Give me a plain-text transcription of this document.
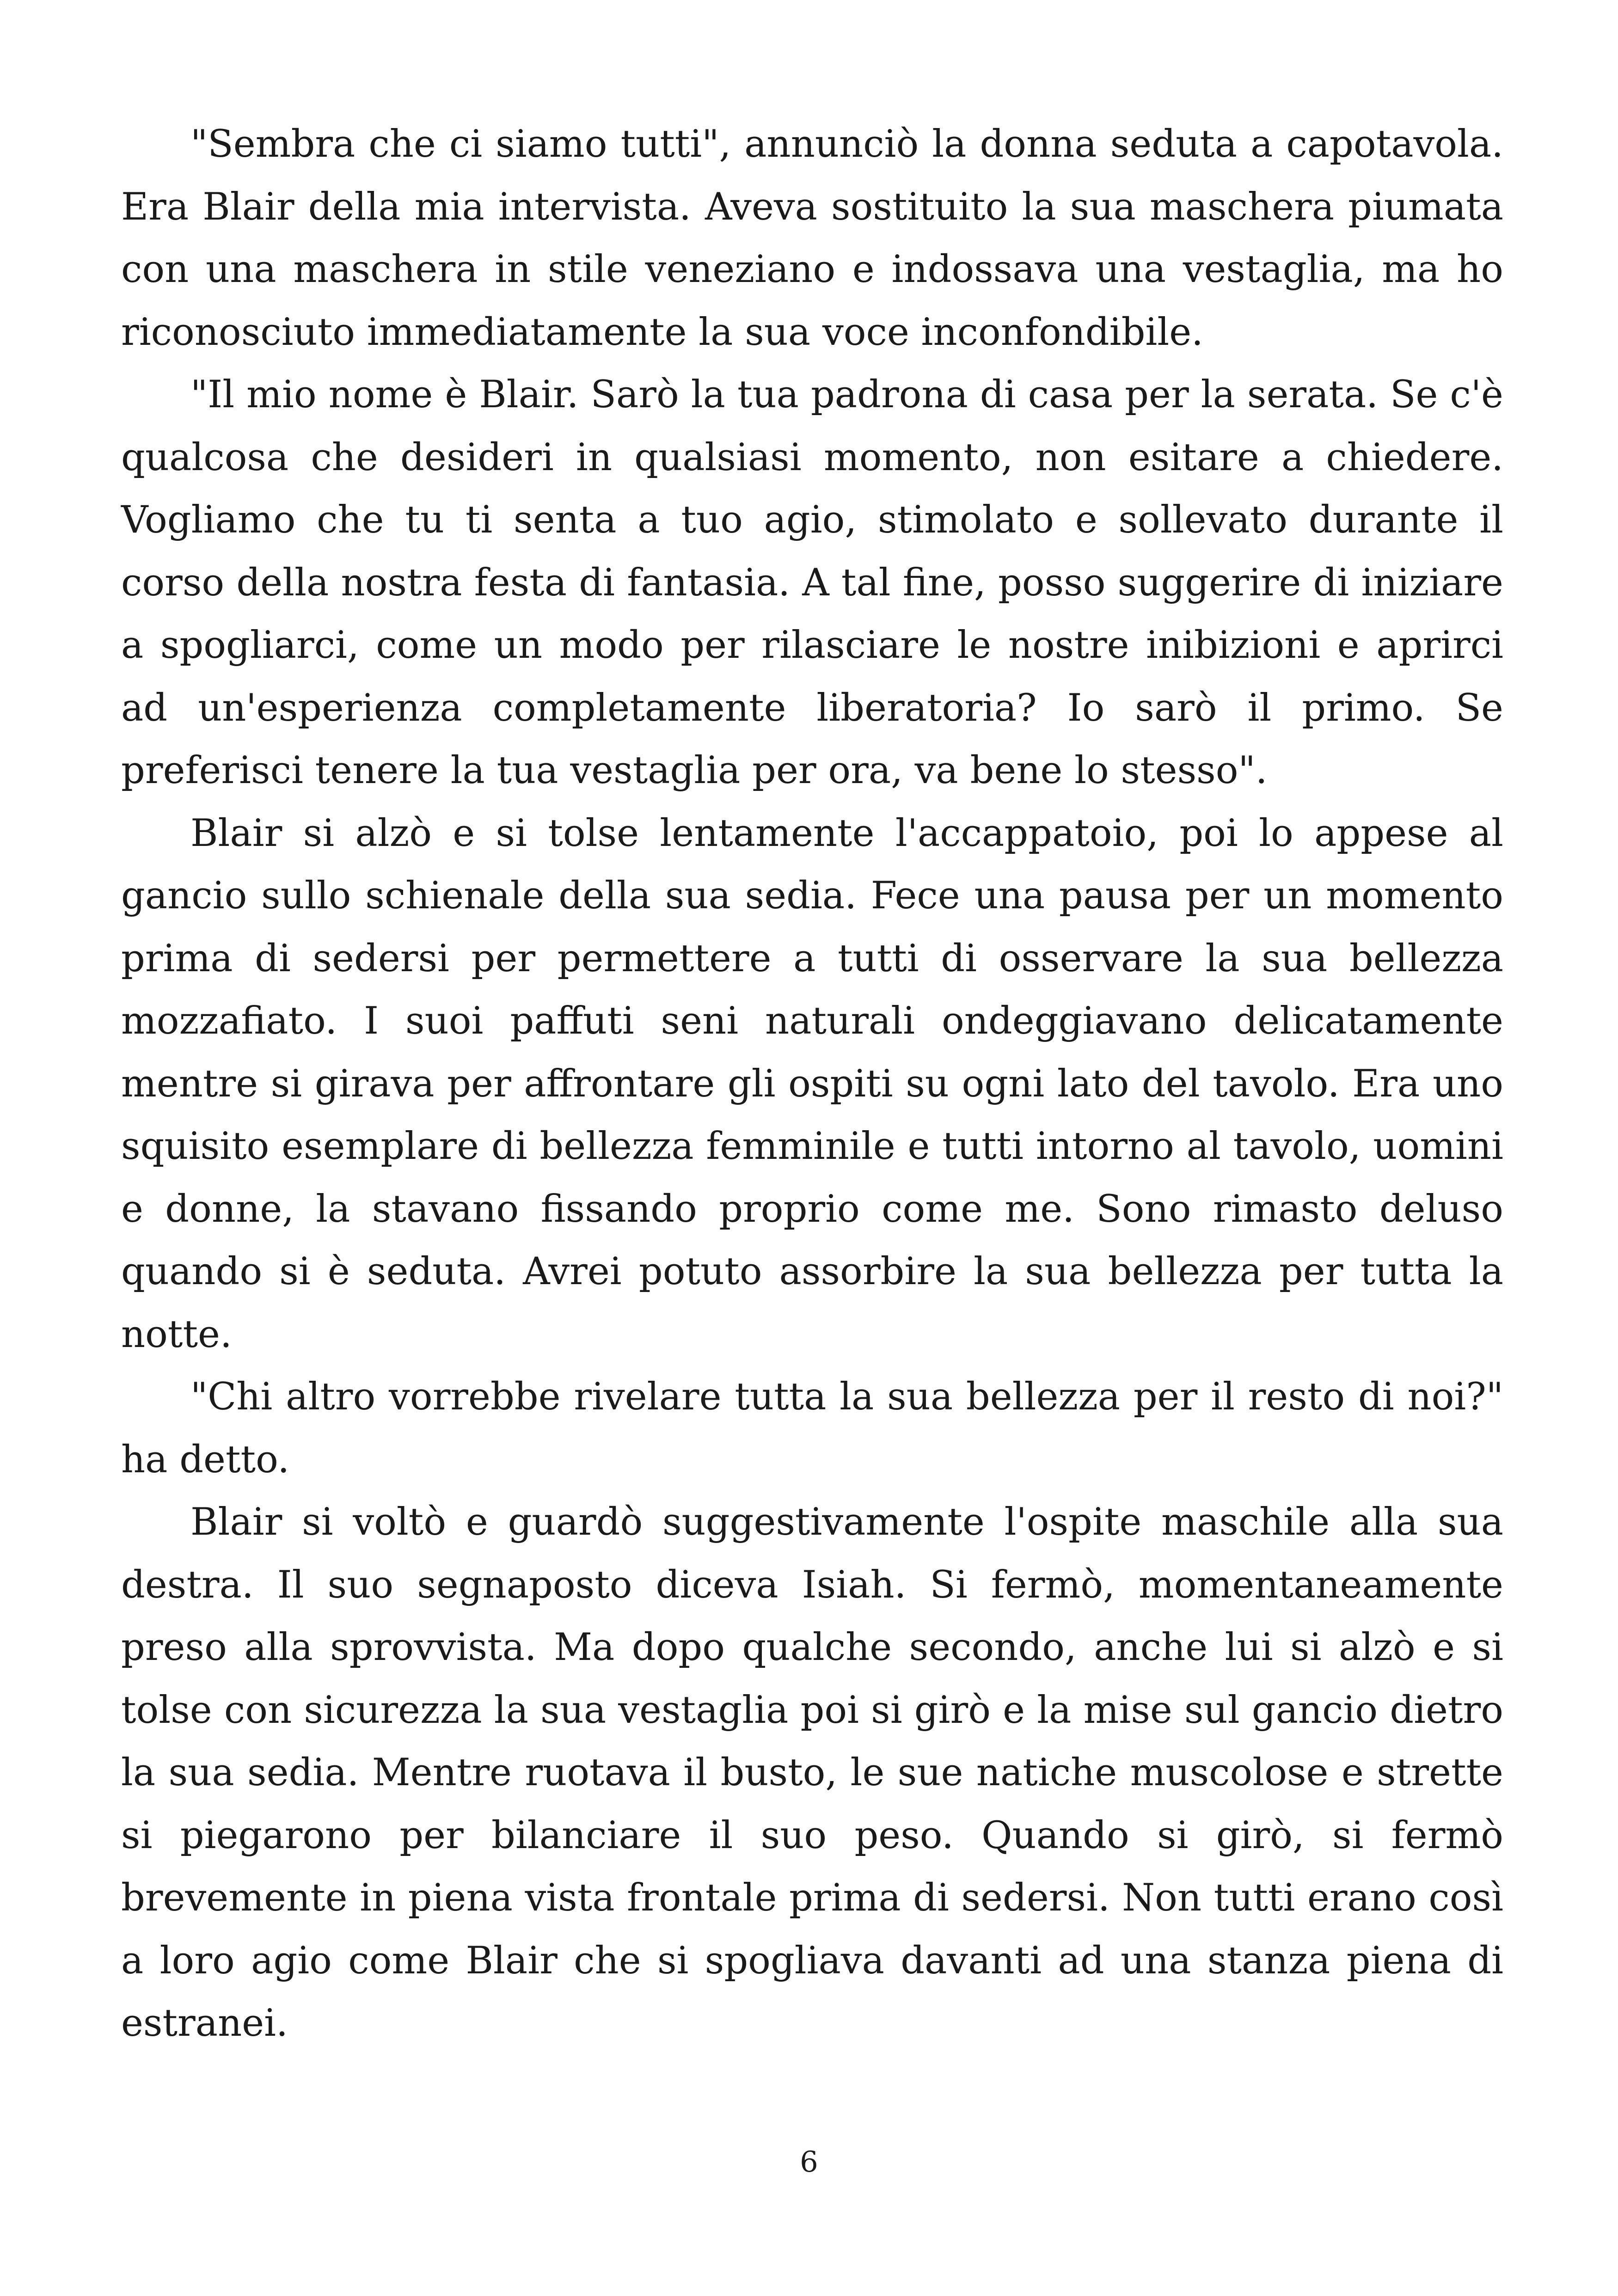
"Sembra che ci siamo tutti", annunciò la donna seduta a capotavola. Era Blair della mia intervista. Aveva sostituito la sua maschera piumata con una maschera in stile veneziano e indossava una vestaglia, ma ho riconosciuto immediatamente la sua voce inconfondibile.

"Il mio nome è Blair. Sarò la tua padrona di casa per la serata. Se c'è qualcosa che desideri in qualsiasi momento, non esitare a chiedere. Vogliamo che tu ti senta a tuo agio, stimolato e sollevato durante il corso della nostra festa di fantasia. A tal fine, posso suggerire di iniziare a spogliarci, come un modo per rilasciare le nostre inibizioni e aprirci ad un'esperienza completamente liberatoria? Io sarò il primo. Se preferisci tenere la tua vestaglia per ora, va bene lo stesso".

Blair si alzò e si tolse lentamente l'accappatoio, poi lo appese al gancio sullo schienale della sua sedia. Fece una pausa per un momento prima di sedersi per permettere a tutti di osservare la sua bellezza mozzafiato. I suoi paffuti seni naturali ondeggiavano delicatamente mentre si girava per affrontare gli ospiti su ogni lato del tavolo. Era uno squisito esemplare di bellezza femminile e tutti intorno al tavolo, uomini e donne, la stavano fissando proprio come me. Sono rimasto deluso quando si è seduta. Avrei potuto assorbire la sua bellezza per tutta la notte.

"Chi altro vorrebbe rivelare tutta la sua bellezza per il resto di noi?" ha detto.

Blair si voltò e guardò suggestivamente l'ospite maschile alla sua destra. Il suo segnaposto diceva Isiah. Si fermò, momentaneamente preso alla sprovvista. Ma dopo qualche secondo, anche lui si alzò e si tolse con sicurezza la sua vestaglia poi si girò e la mise sul gancio dietro la sua sedia. Mentre ruotava il busto, le sue natiche muscolose e strette si piegarono per bilanciare il suo peso. Quando si girò, si fermò brevemente in piena vista frontale prima di sedersi. Non tutti erano così a loro agio come Blair che si spogliava davanti ad una stanza piena di estranei.

6
